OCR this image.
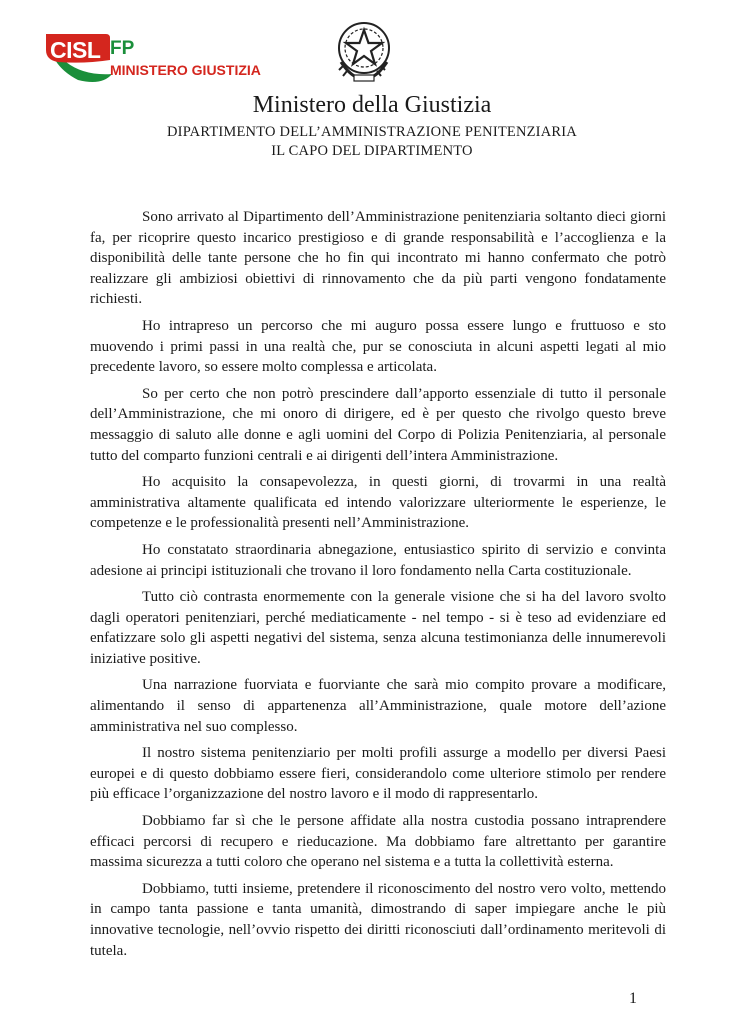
CISL FP
MINISTERO GIUSTIZIA
Ministero della Giustizia
DIPARTIMENTO DELL’AMMINISTRAZIONE PENITENZIARIA
IL CAPO DEL DIPARTIMENTO

Sono arrivato al Dipartimento dell’Amministrazione penitenziaria soltanto dieci giorni fa, per ricoprire questo incarico prestigioso e di grande responsabilità e l’accoglienza e la disponibilità delle tante persone che ho fin qui incontrato mi hanno confermato che potrò realizzare gli ambiziosi obiettivi di rinnovamento che da più parti vengono fondatamente richiesti.

Ho intrapreso un percorso che mi auguro possa essere lungo e fruttuoso e sto muovendo i primi passi in una realtà che, pur se conosciuta in alcuni aspetti legati al mio precedente lavoro, so essere molto complessa e articolata.

So per certo che non potrò prescindere dall’apporto essenziale di tutto il personale dell’Amministrazione, che mi onoro di dirigere, ed è per questo che rivolgo questo breve messaggio di saluto alle donne e agli uomini del Corpo di Polizia Penitenziaria, al personale tutto del comparto funzioni centrali e ai dirigenti dell’intera Amministrazione.

Ho acquisito la consapevolezza, in questi giorni, di trovarmi in una realtà amministrativa altamente qualificata ed intendo valorizzare ulteriormente le esperienze, le competenze e le professionalità presenti nell’Amministrazione.

Ho constatato straordinaria abnegazione, entusiastico spirito di servizio e convinta adesione ai principi istituzionali che trovano il loro fondamento nella Carta costituzionale.

Tutto ciò contrasta enormemente con la generale visione che si ha del lavoro svolto dagli operatori penitenziari, perché mediaticamente - nel tempo - si è teso ad evidenziare ed enfatizzare solo gli aspetti negativi del sistema, senza alcuna testimonianza delle innumerevoli iniziative positive.

Una narrazione fuorviata e fuorviante che sarà mio compito provare a modificare, alimentando il senso di appartenenza all’Amministrazione, quale motore dell’azione amministrativa nel suo complesso.

Il nostro sistema penitenziario per molti profili assurge a modello per diversi Paesi europei e di questo dobbiamo essere fieri, considerandolo come ulteriore stimolo per rendere più efficace l’organizzazione del nostro lavoro e il modo di rappresentarlo.

Dobbiamo far sì che le persone affidate alla nostra custodia possano intraprendere efficaci percorsi di recupero e rieducazione. Ma dobbiamo fare altrettanto per garantire massima sicurezza a tutti coloro che operano nel sistema e a tutta la collettività esterna.

Dobbiamo, tutti insieme, pretendere il riconoscimento del nostro vero volto, mettendo in campo tanta passione e tanta umanità, dimostrando di saper impiegare anche le più innovative tecnologie, nell’ovvio rispetto dei diritti riconosciuti dall’ordinamento meritevoli di tutela.

1
